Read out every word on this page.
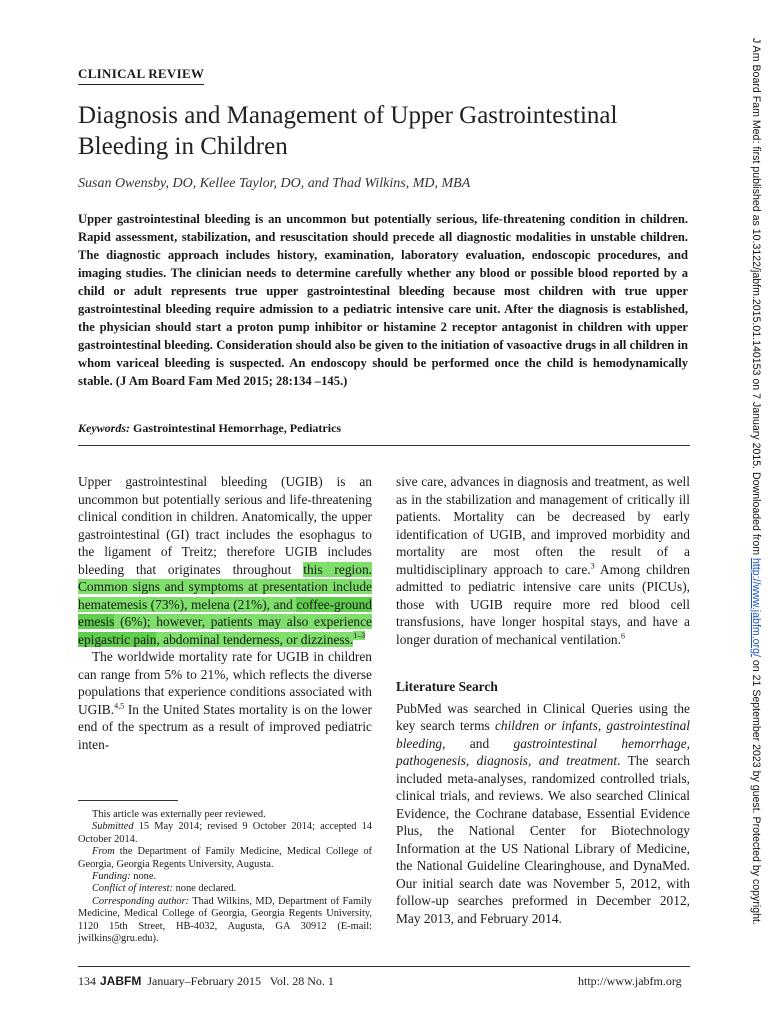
CLINICAL REVIEW
Diagnosis and Management of Upper Gastrointestinal Bleeding in Children
Susan Owensby, DO, Kellee Taylor, DO, and Thad Wilkins, MD, MBA
Upper gastrointestinal bleeding is an uncommon but potentially serious, life-threatening condition in children. Rapid assessment, stabilization, and resuscitation should precede all diagnostic modalities in unstable children. The diagnostic approach includes history, examination, laboratory evaluation, endoscopic procedures, and imaging studies. The clinician needs to determine carefully whether any blood or possible blood reported by a child or adult represents true upper gastrointestinal bleeding because most children with true upper gastrointestinal bleeding require admission to a pediatric intensive care unit. After the diagnosis is established, the physician should start a proton pump inhibitor or histamine 2 receptor antagonist in children with upper gastrointestinal bleeding. Consideration should also be given to the initiation of vasoactive drugs in all children in whom variceal bleeding is suspected. An endoscopy should be performed once the child is hemodynamically stable. (J Am Board Fam Med 2015; 28:134 –145.)
Keywords: Gastrointestinal Hemorrhage, Pediatrics

Upper gastrointestinal bleeding (UGIB) is an uncommon but potentially serious and life-threatening clinical condition in children. Anatomically, the upper gastrointestinal (GI) tract includes the esophagus to the ligament of Treitz; therefore UGIB includes bleeding that originates throughout this region. Common signs and symptoms at presentation include hematemesis (73%), melena (21%), and coffee-ground emesis (6%); however, patients may also experience epigastric pain, abdominal tenderness, or dizziness.$^{1-3}$

The worldwide mortality rate for UGIB in children can range from 5% to 21%, which reflects the diverse populations that experience conditions associated with UGIB.$^{4,5}$ In the United States mortality is on the lower end of the spectrum as a result of improved pediatric inten-

This article was externally peer reviewed.

Submitted 15 May 2014; revised 9 October 2014; accepted 14 October 2014.

From the Department of Family Medicine, Medical College of Georgia, Georgia Regents University, Augusta.

Funding: none.

Conflict of interest: none declared.

Corresponding author: Thad Wilkins, MD, Department of Family Medicine, Medical College of Georgia, Georgia Regents University, 1120 15th Street, HB-4032, Augusta, GA 30912 (E-mail: jwilkins@gru.edu).

sive care, advances in diagnosis and treatment, as well as in the stabilization and management of critically ill patients. Mortality can be decreased by early identification of UGIB, and improved morbidity and mortality are most often the result of a multidisciplinary approach to care.$^3$ Among children admitted to pediatric intensive care units (PICUs), those with UGIB require more red blood cell transfusions, have longer hospital stays, and have a longer duration of mechanical ventilation.$^6$

Literature Search

PubMed was searched in Clinical Queries using the key search terms children or infants, gastrointestinal bleeding, and gastrointestinal hemorrhage, pathogenesis, diagnosis, and treatment. The search included meta-analyses, randomized controlled trials, clinical trials, and reviews. We also searched Clinical Evidence, the Cochrane database, Essential Evidence Plus, the National Center for Biotechnology Information at the US National Library of Medicine, the National Guideline Clearinghouse, and DynaMed. Our initial search date was November 5, 2012, with follow-up searches preformed in December 2012, May 2013, and February 2014.

134 JABFM January–February 2015   Vol. 28 No. 1	http://www.jabfm.org
J Am Board Fam Med: first published as 10.3122/jabfm.2015.01.140153 on 7 January 2015. Downloaded from http://www.jabfm.org/ on 21 September 2023 by guest. Protected by copyright.
